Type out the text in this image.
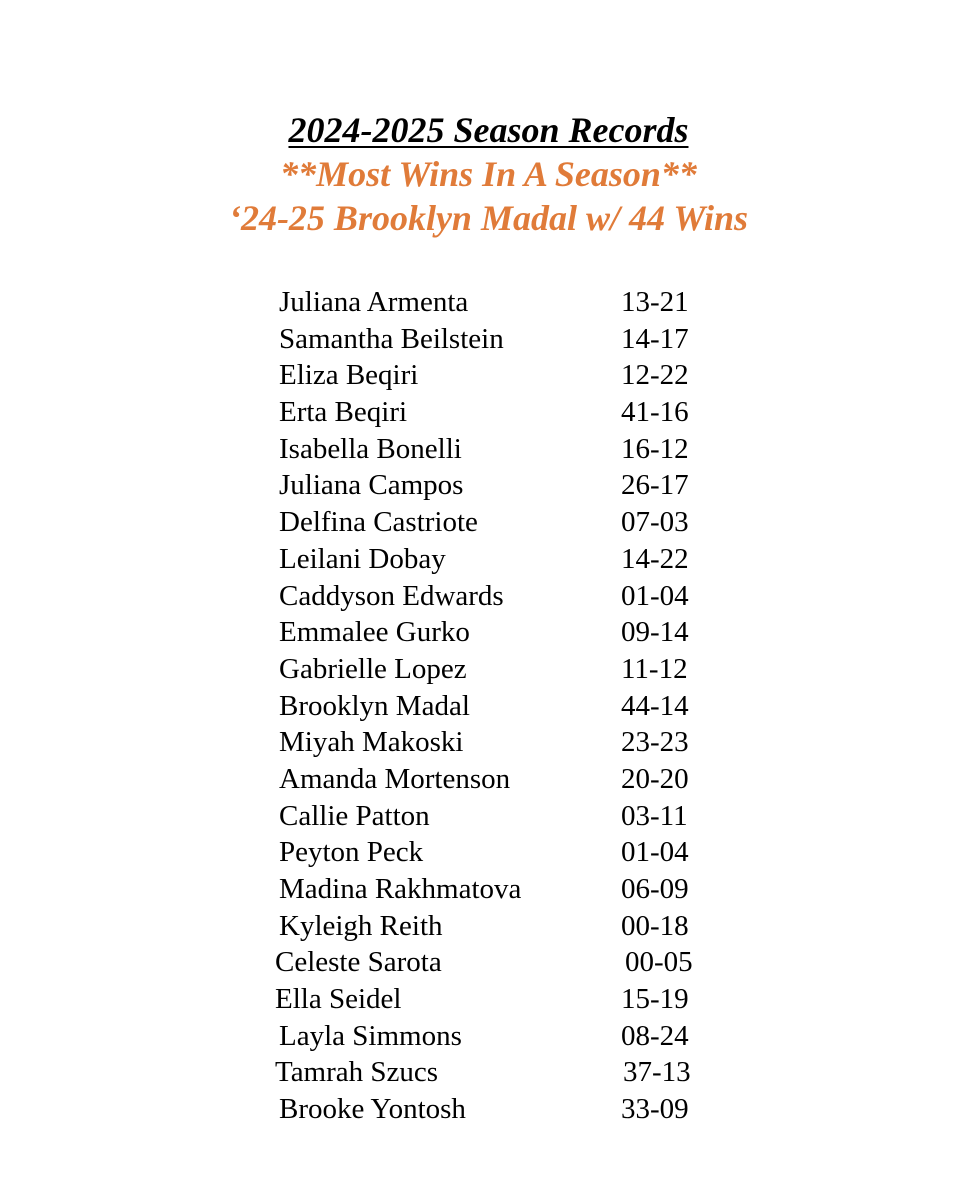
2024-2025 Season Records
**Most Wins In A Season**
‘24-25 Brooklyn Madal w/ 44 Wins
Juliana Armenta	13-21
Samantha Beilstein	14-17
Eliza Beqiri	12-22
Erta Beqiri	41-16
Isabella Bonelli	16-12
Juliana Campos	26-17
Delfina Castriote	07-03
Leilani Dobay	14-22
Caddyson Edwards	01-04
Emmalee Gurko	09-14
Gabrielle Lopez	11-12
Brooklyn Madal	44-14
Miyah Makoski	23-23
Amanda Mortenson	20-20
Callie Patton	03-11
Peyton Peck	01-04
Madina Rakhmatova	06-09
Kyleigh Reith	00-18
Celeste Sarota	00-05
Ella Seidel	15-19
Layla Simmons	08-24
Tamrah Szucs	37-13
Brooke Yontosh	33-09
